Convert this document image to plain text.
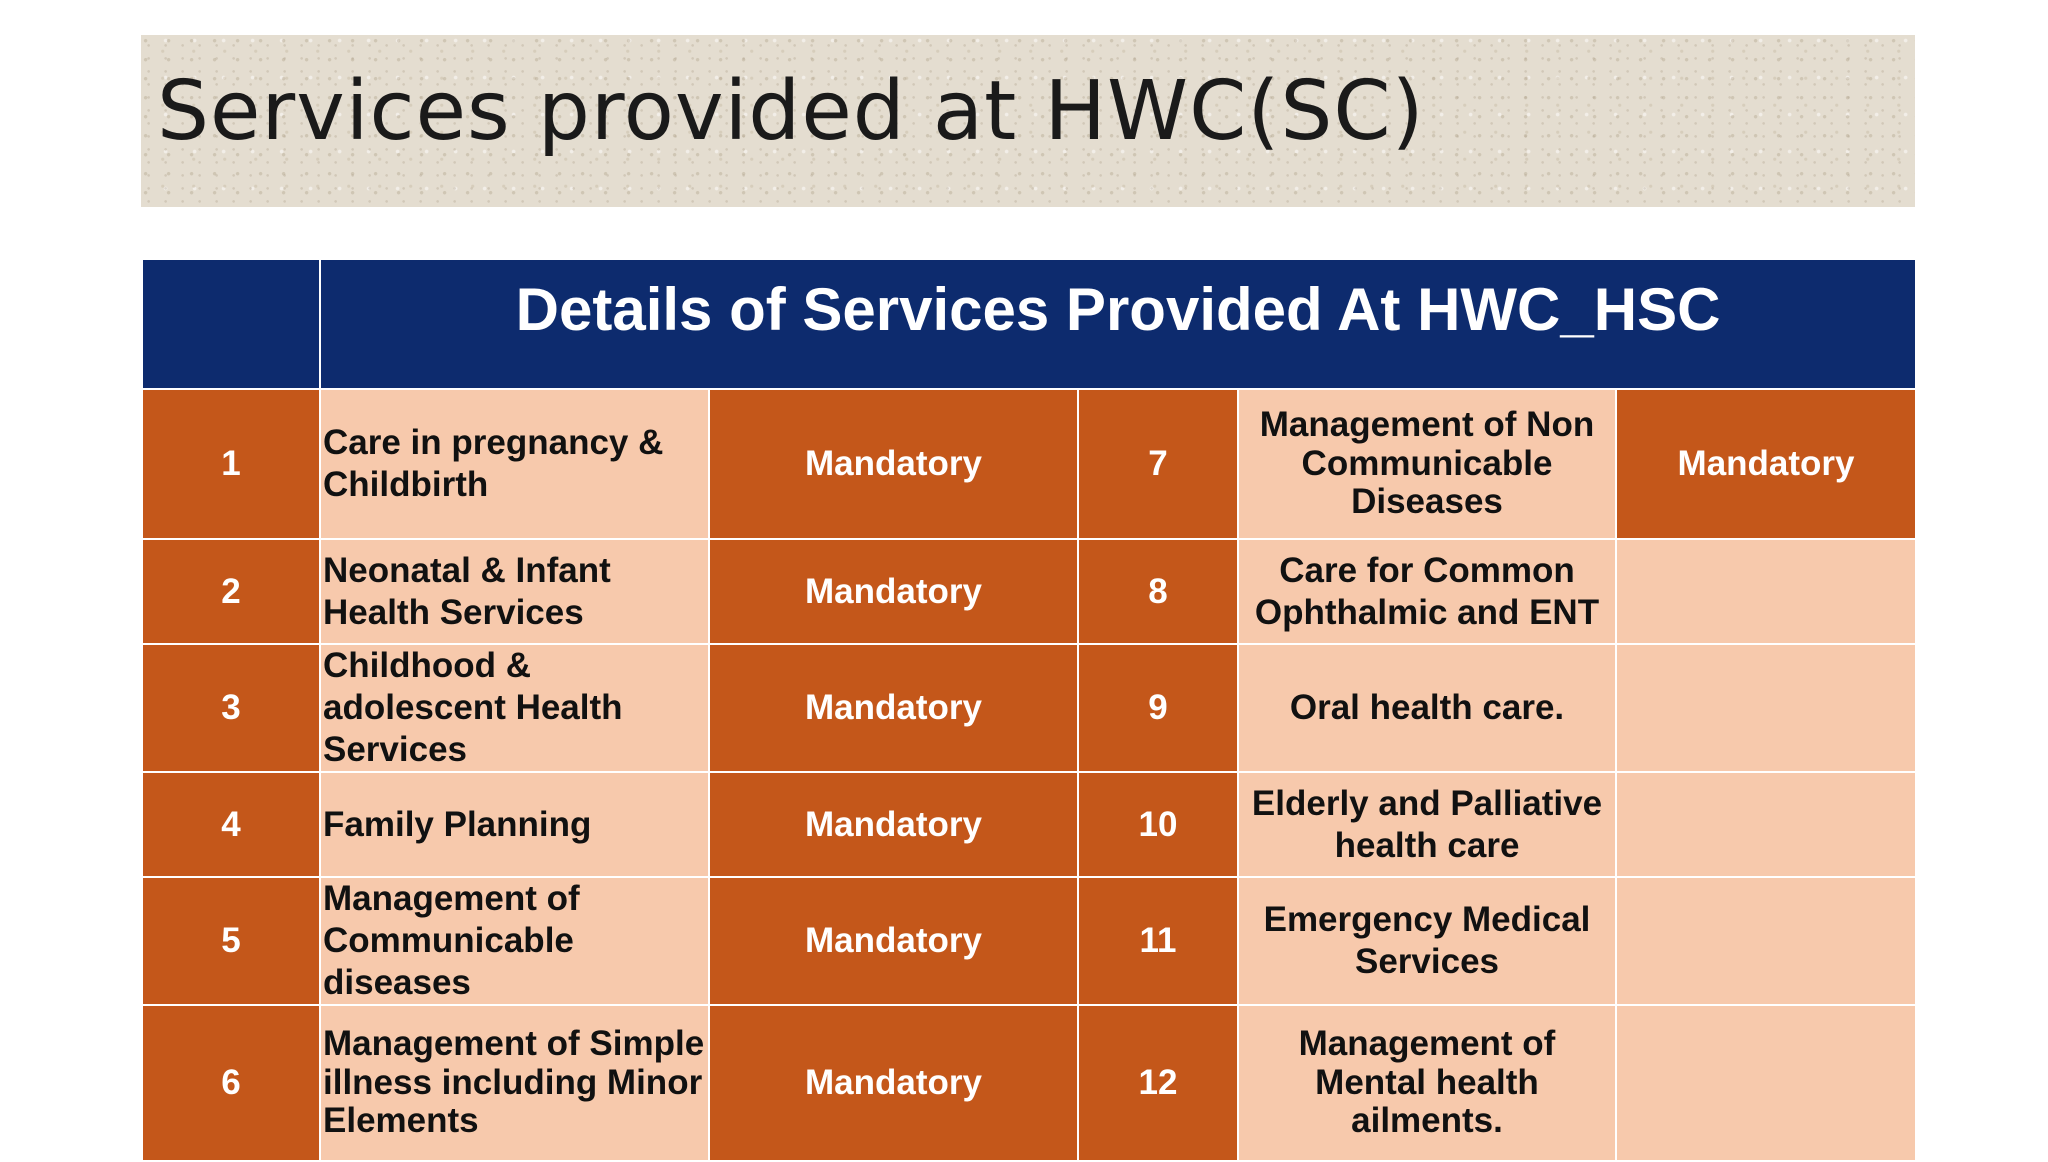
Services provided at HWC(SC)
	Details of Services Provided At HWC_HSC				
1	Care in pregnancy & Childbirth	Mandatory	7	Management of Non Communicable Diseases	Mandatory
2	Neonatal & Infant Health Services	Mandatory	8	Care for Common Ophthalmic and ENT	
3	Childhood & adolescent Health Services	Mandatory	9	Oral health care.	
4	Family Planning	Mandatory	10	Elderly and Palliative health care	
5	Management of Communicable diseases	Mandatory	11	Emergency Medical Services	
6	Management of Simple illness including Minor Elements	Mandatory	12	Management of Mental health ailments.	
